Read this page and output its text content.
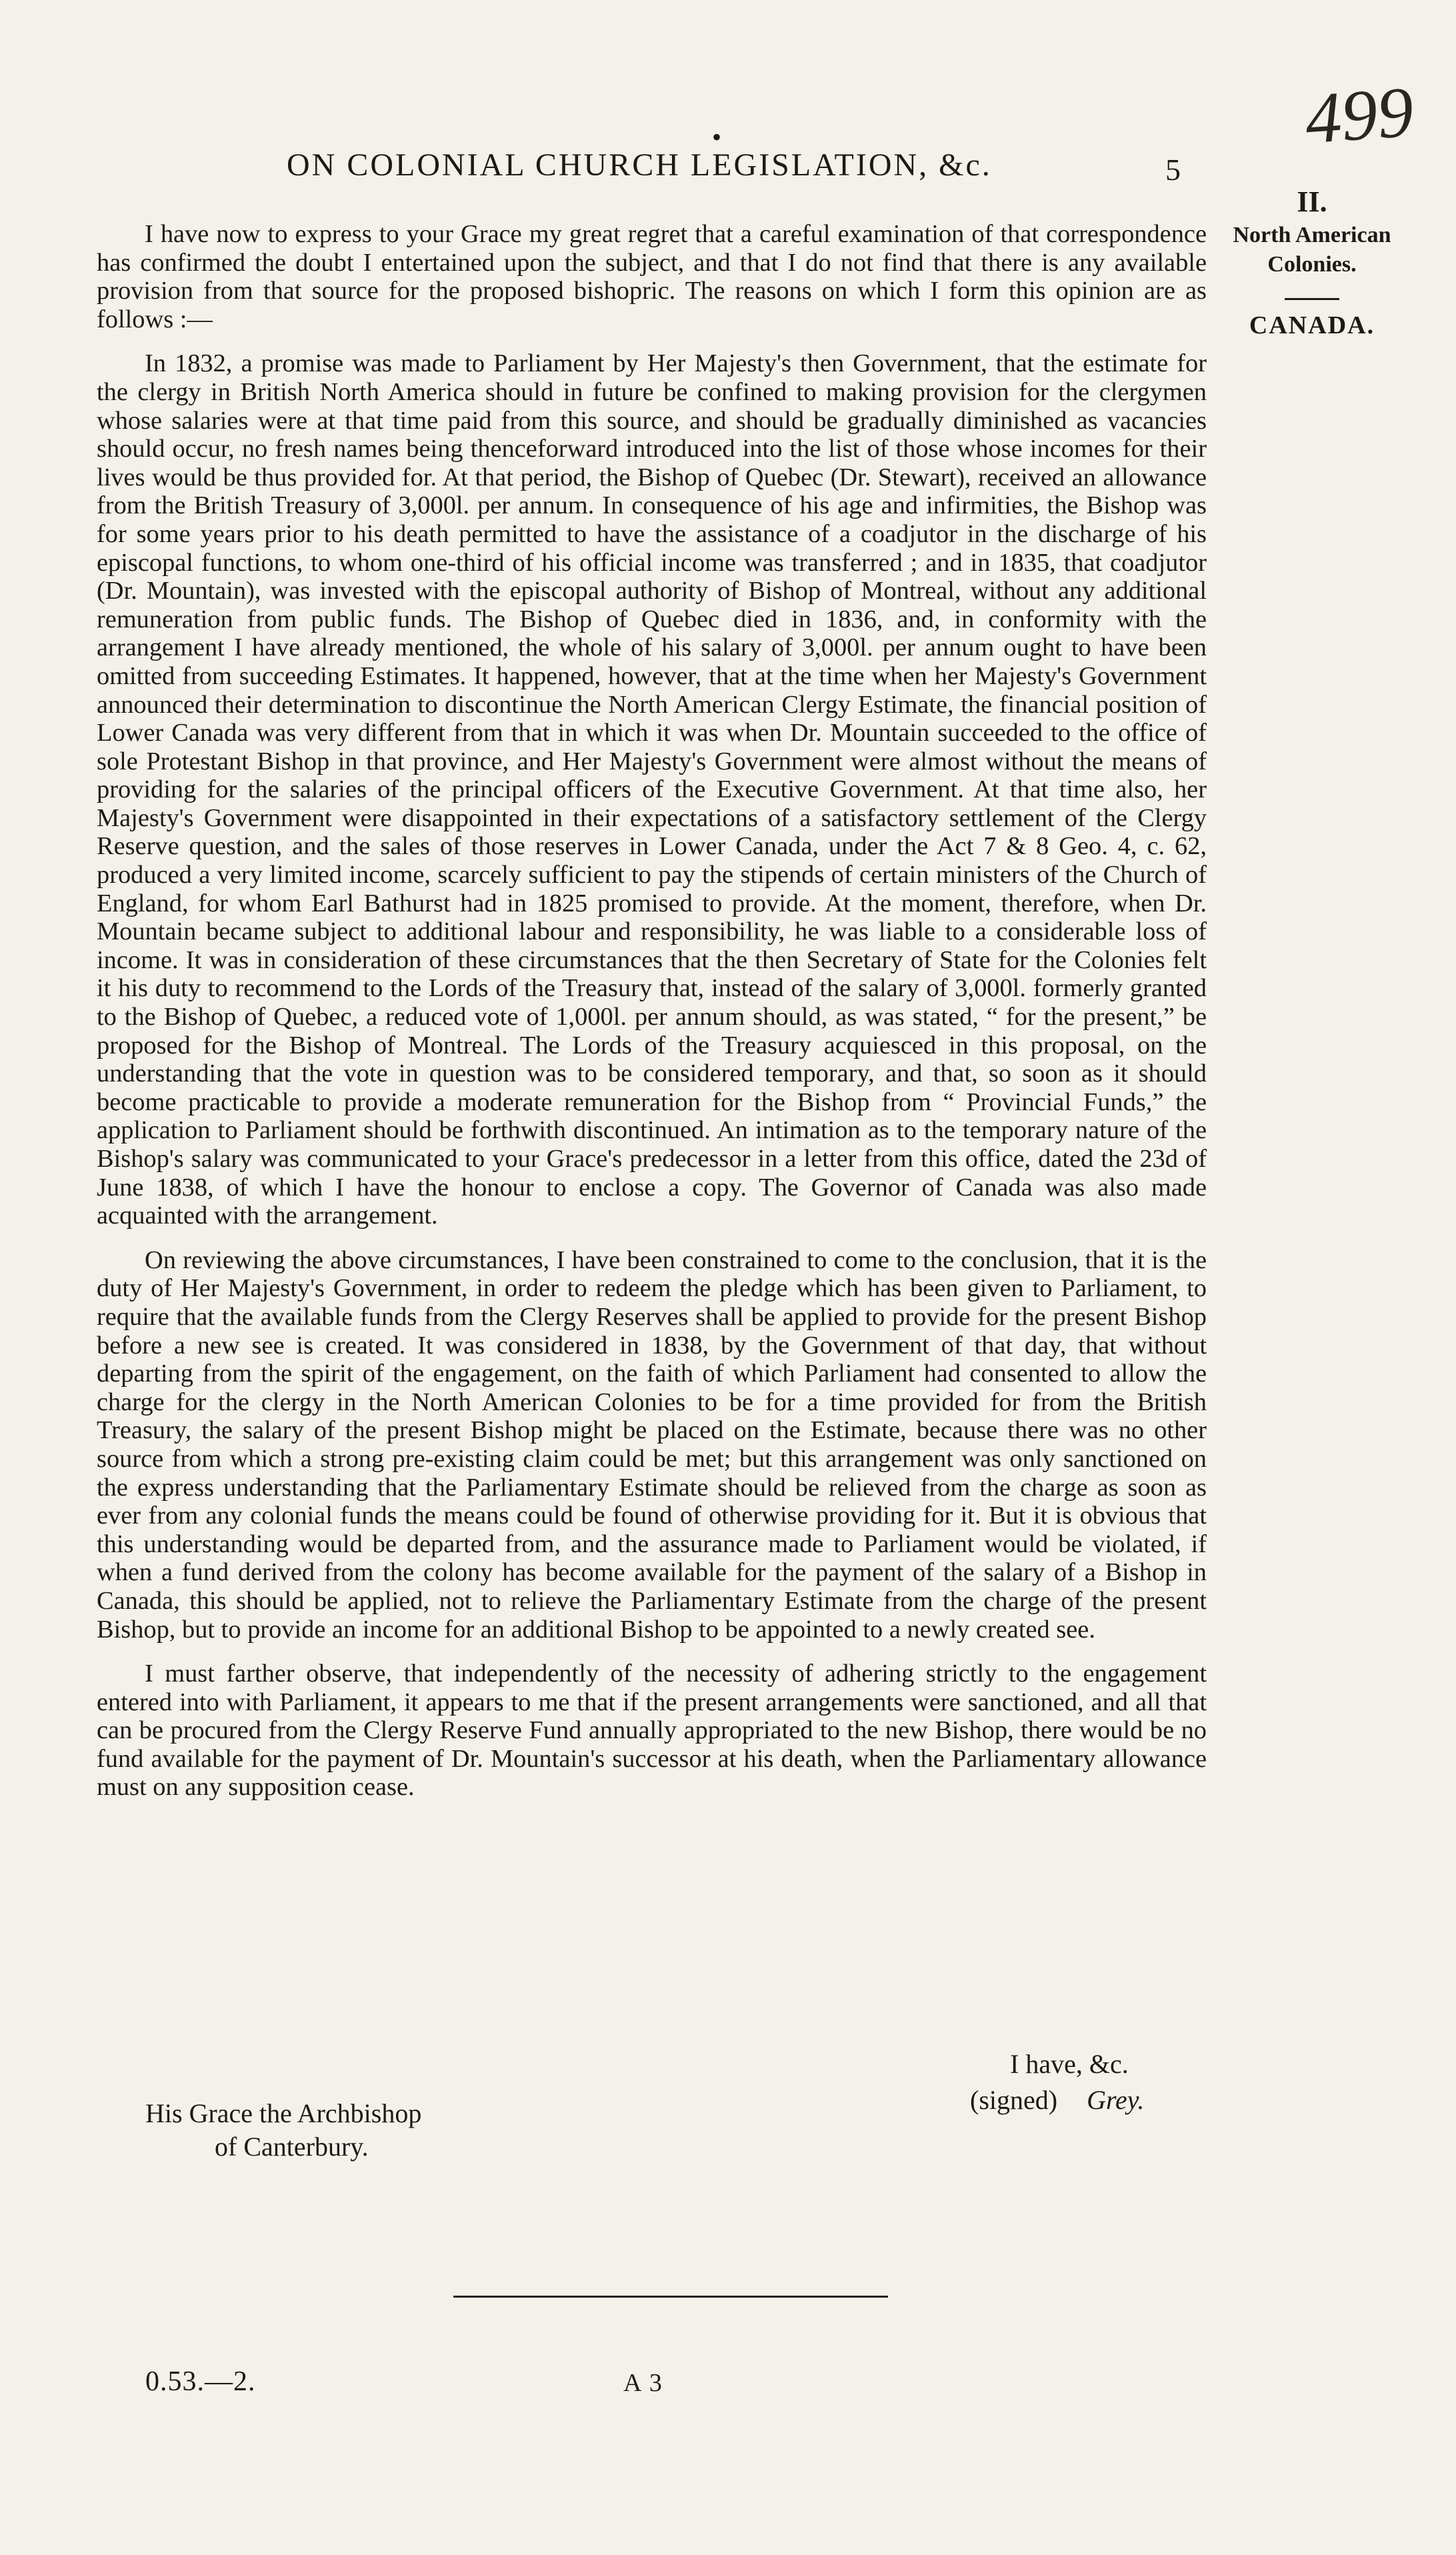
499
•
ON COLONIAL CHURCH LEGISLATION, &c.	5
II.
North American
Colonies.
CANADA.

I have now to express to your Grace my great regret that a careful examination of that correspondence has confirmed the doubt I entertained upon the subject, and that I do not find that there is any available provision from that source for the proposed bishopric. The reasons on which I form this opinion are as follows :—

In 1832, a promise was made to Parliament by Her Majesty's then Government, that the estimate for the clergy in British North America should in future be confined to making provision for the clergymen whose salaries were at that time paid from this source, and should be gradually diminished as vacancies should occur, no fresh names being thenceforward introduced into the list of those whose incomes for their lives would be thus provided for. At that period, the Bishop of Quebec (Dr. Stewart), received an allowance from the British Treasury of 3,000l. per annum. In consequence of his age and infirmities, the Bishop was for some years prior to his death permitted to have the assistance of a coadjutor in the discharge of his episcopal functions, to whom one-third of his official income was transferred ; and in 1835, that coadjutor (Dr. Mountain), was invested with the episcopal authority of Bishop of Montreal, without any additional remuneration from public funds. The Bishop of Quebec died in 1836, and, in conformity with the arrangement I have already mentioned, the whole of his salary of 3,000l. per annum ought to have been omitted from succeeding Estimates. It happened, however, that at the time when her Majesty's Government announced their determination to discontinue the North American Clergy Estimate, the financial position of Lower Canada was very different from that in which it was when Dr. Mountain succeeded to the office of sole Protestant Bishop in that province, and Her Majesty's Government were almost without the means of providing for the salaries of the principal officers of the Executive Government. At that time also, her Majesty's Government were disappointed in their expectations of a satisfactory settlement of the Clergy Reserve question, and the sales of those reserves in Lower Canada, under the Act 7 & 8 Geo. 4, c. 62, produced a very limited income, scarcely sufficient to pay the stipends of certain ministers of the Church of England, for whom Earl Bathurst had in 1825 promised to provide. At the moment, therefore, when Dr. Mountain became subject to additional labour and responsibility, he was liable to a considerable loss of income. It was in consideration of these circumstances that the then Secretary of State for the Colonies felt it his duty to recommend to the Lords of the Treasury that, instead of the salary of 3,000l. formerly granted to the Bishop of Quebec, a reduced vote of 1,000l. per annum should, as was stated, “ for the present,” be proposed for the Bishop of Montreal. The Lords of the Treasury acquiesced in this proposal, on the understanding that the vote in question was to be considered temporary, and that, so soon as it should become practicable to provide a moderate remuneration for the Bishop from “ Provincial Funds,” the application to Parliament should be forthwith discontinued. An intimation as to the temporary nature of the Bishop's salary was communicated to your Grace's predecessor in a letter from this office, dated the 23d of June 1838, of which I have the honour to enclose a copy. The Governor of Canada was also made acquainted with the arrangement.

On reviewing the above circumstances, I have been constrained to come to the conclusion, that it is the duty of Her Majesty's Government, in order to redeem the pledge which has been given to Parliament, to require that the available funds from the Clergy Reserves shall be applied to provide for the present Bishop before a new see is created. It was considered in 1838, by the Government of that day, that without departing from the spirit of the engagement, on the faith of which Parliament had consented to allow the charge for the clergy in the North American Colonies to be for a time provided for from the British Treasury, the salary of the present Bishop might be placed on the Estimate, because there was no other source from which a strong pre-existing claim could be met; but this arrangement was only sanctioned on the express understanding that the Parliamentary Estimate should be relieved from the charge as soon as ever from any colonial funds the means could be found of otherwise providing for it. But it is obvious that this understanding would be departed from, and the assurance made to Parliament would be violated, if when a fund derived from the colony has become available for the payment of the salary of a Bishop in Canada, this should be applied, not to relieve the Parliamentary Estimate from the charge of the present Bishop, but to provide an income for an additional Bishop to be appointed to a newly created see.

I must farther observe, that independently of the necessity of adhering strictly to the engagement entered into with Parliament, it appears to me that if the present arrangements were sanctioned, and all that can be procured from the Clergy Reserve Fund annually appropriated to the new Bishop, there would be no fund available for the payment of Dr. Mountain's successor at his death, when the Parliamentary allowance must on any supposition cease.

I have, &c.
(signed) Grey.
His Grace the Archbishop
of Canterbury.
0.53.—2.	A 3
